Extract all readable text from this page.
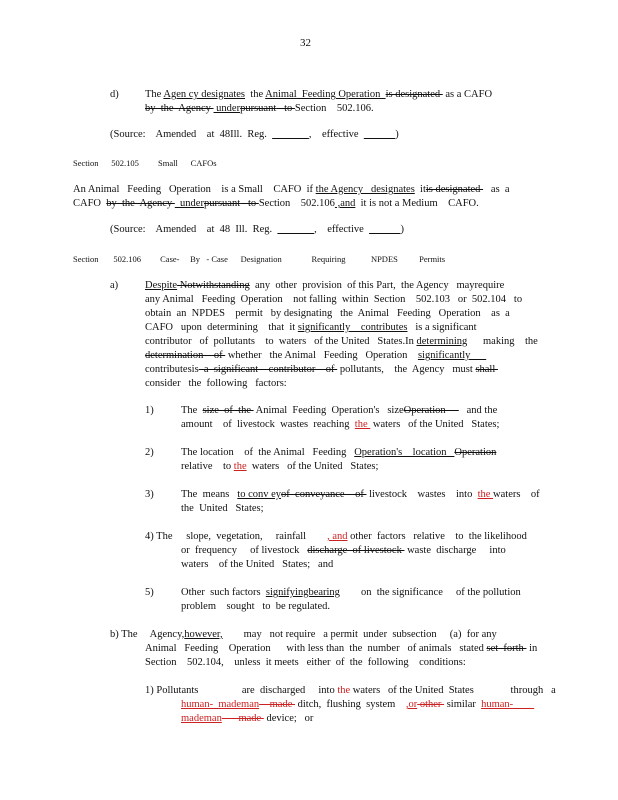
32
d)	The Agen cy designates  the Animal  Feeding Operation  is designated  as a CAFO
by  the  Agency  underpursuant   to Section    502.106.
(Source:    Amended    at  48Ill.  Reg.	,    effective	)
Section      502.105         Small      CAFOs
An Animal   Feeding   Operation    is a Small    CAFO  if the Agency   designates  itis designated    as  a
CAFO  by  the  Agency   underpursuant   to Section    502.106 ,and  it is not a Medium    CAFO.
(Source:    Amended    at  48  Ill.  Reg.	,    effective	)
Section       502.106         Case-     By   - Case      Designation              Requiring            NPDES          Permits
a)	Despite Notwithstanding  any  other  provision  of this Part,  the Agency   mayrequire
any Animal   Feeding  Operation    not falling  within  Section    502.103   or  502.104   to
obtain  an  NPDES    permit   by designating   the  Animal   Feeding   Operation    as  a
CAFO   upon  determining    that  it significantly    contributes   is a significant
contributor   of  pollutants    to  waters   of the United   States.In determining      making    the
determination    of  whether   the Animal   Feeding   Operation    significantly
contributesis  a  significant    contributor    of  pollutants,    the  Agency   must shall
consider   the  following   factors:
1)	The  size  of  the  Animal  Feeding  Operation's   sizeOperation        and the
amount    of  livestock  wastes  reaching  the  waters   of the United   States;
2)	The location    of  the Animal   Feeding   Operation's    location   Operation
relative    to the  waters   of the United   States;
3)	The  means   to conv eyof  conveyance    of  livestock    wastes    into  the waters    of
the  United   States;
4) The slope,  vegetation,     rainfall        , and other  factors   relative    to  the likelihood
or  frequency     of livestock   discharge  of livestock  waste  discharge     into
waters    of the United   States;   and
5)	Other  such factors  signifyingbearing        on  the significance     of the pollution
problem    sought   to  be regulated.
b) The Agency,however,        may   not require   a permit  under  subsection     (a)  for any
Animal   Feeding    Operation      with less than  the  number   of animals   stated set  forth  in
Section    502.104,    unless  it meets   either  of  the  following    conditions:
1) Pollutants	are  discharged     into the waters   of the United  States              through   a
human-  mademan    made  ditch,  flushing  system    ,or other  similar  human-
mademan     -made  device;   or
